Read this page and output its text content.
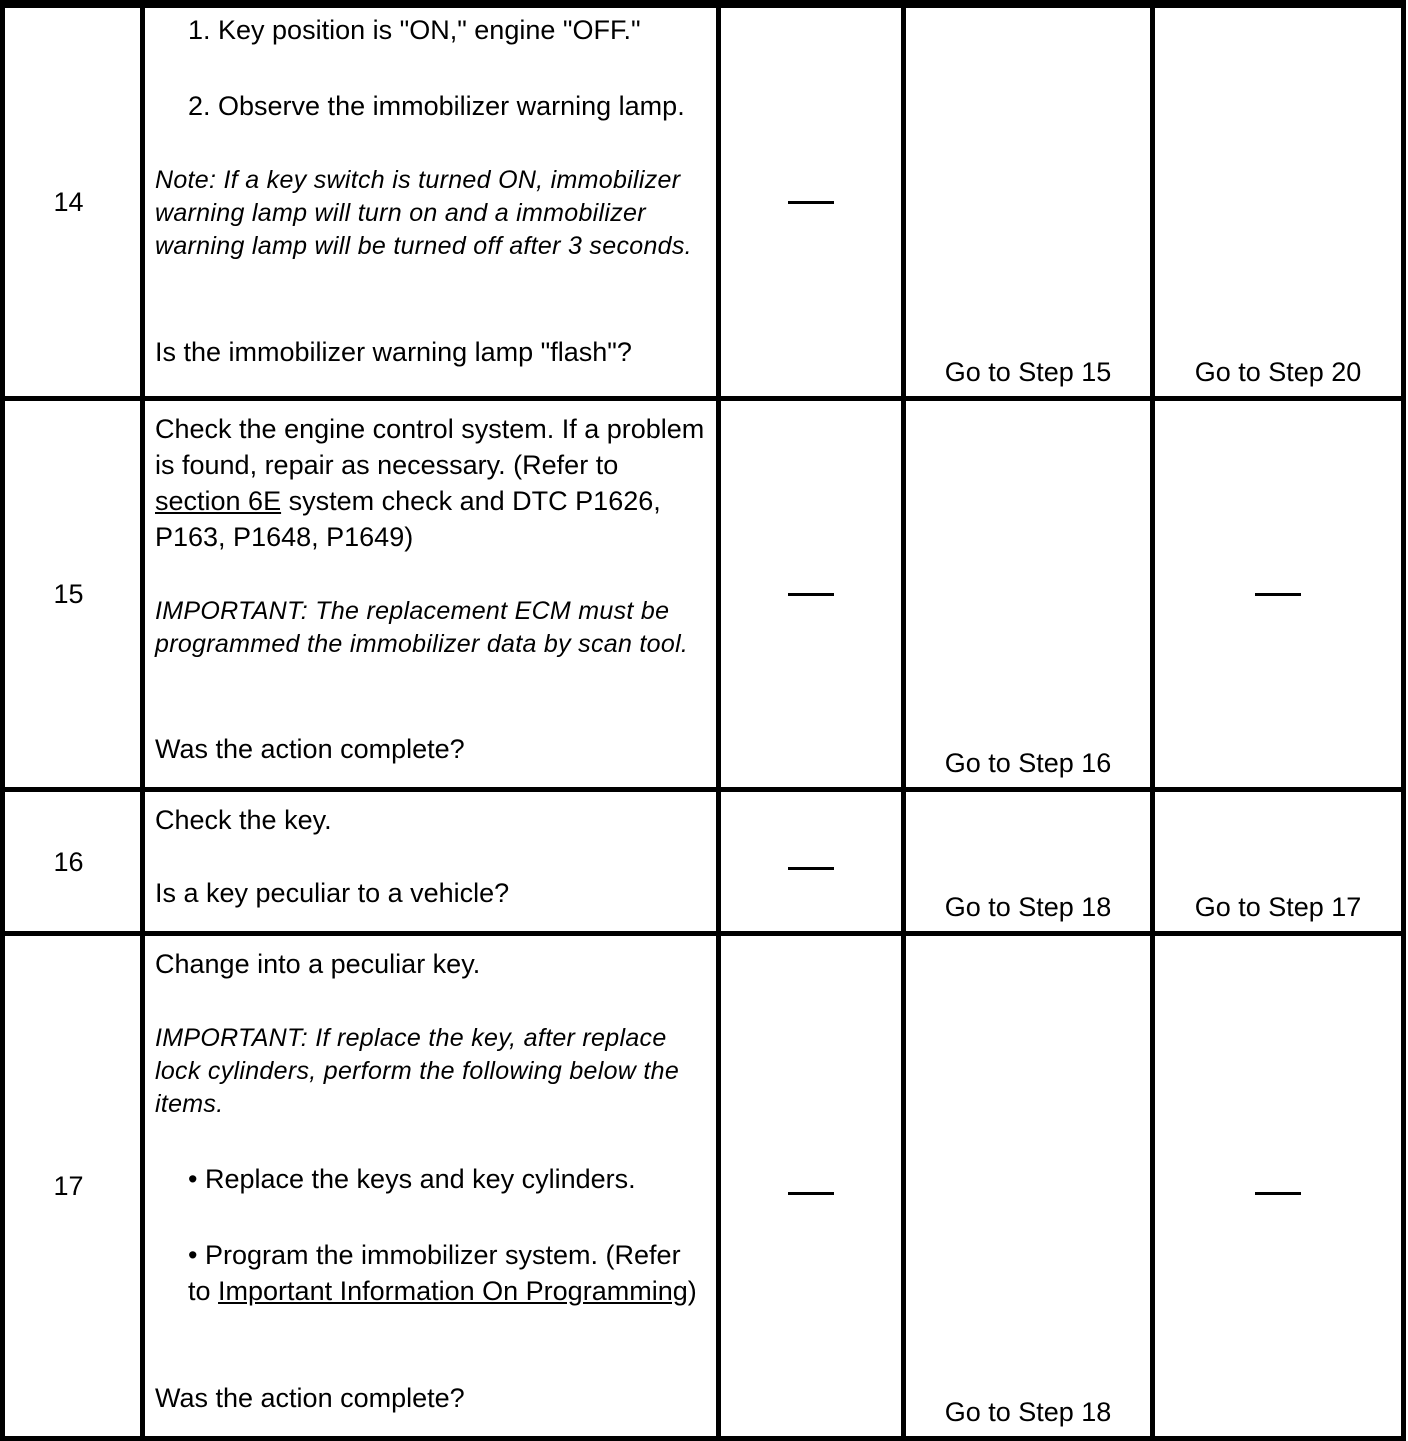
14	1. Key position is "ON," engine "OFF."

2. Observe the immobilizer warning lamp.

Note: If a key switch is turned ON, immobilizer warning lamp will turn on and a immobilizer warning lamp will be turned off after 3 seconds.

Is the immobilizer warning lamp "flash"?		Go to Step 15	Go to Step 20

15	Check the engine control system. If a problem is found, repair as necessary. (Refer to section 6E system check and DTC P1626, P163, P1648, P1649)

IMPORTANT: The replacement ECM must be programmed the immobilizer data by scan tool.

Was the action complete?		Go to Step 16	

16	Check the key.

Is a key peculiar to a vehicle?		Go to Step 18	Go to Step 17

17	Change into a peculiar key.

IMPORTANT: If replace the key, after replace lock cylinders, perform the following below the items.

• Replace the keys and key cylinders.

• Program the immobilizer system. (Refer to Important Information On Programming)

Was the action complete?		Go to Step 18	
